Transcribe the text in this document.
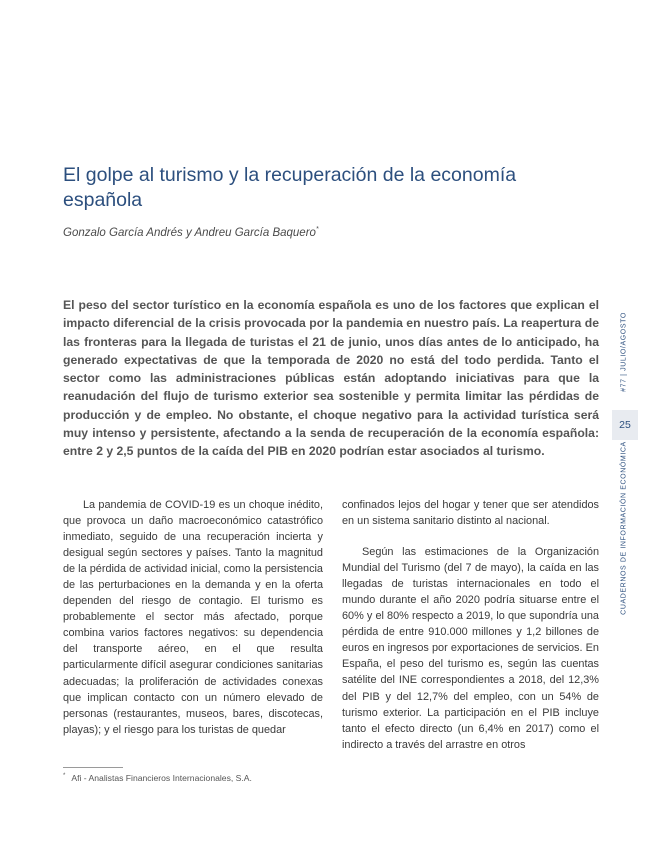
El golpe al turismo y la recuperación de la economía española
Gonzalo García Andrés y Andreu García Baquero*

El peso del sector turístico en la economía española es uno de los factores que explican el impacto diferencial de la crisis provocada por la pandemia en nuestro país. La reapertura de las fronteras para la llegada de turistas el 21 de junio, unos días antes de lo anticipado, ha generado expectativas de que la temporada de 2020 no está del todo perdida. Tanto el sector como las administraciones públicas están adoptando iniciativas para que la reanudación del flujo de turismo exterior sea sostenible y permita limitar las pérdidas de producción y de empleo. No obstante, el choque negativo para la actividad turística será muy intenso y persistente, afectando a la senda de recuperación de la economía española: entre 2 y 2,5 puntos de la caída del PIB en 2020 podrían estar asociados al turismo.

La pandemia de COVID-19 es un choque inédito, que provoca un daño macroeconómico catastrófico inmediato, seguido de una recuperación incierta y desigual según sectores y países. Tanto la magnitud de la pérdida de actividad inicial, como la persistencia de las perturbaciones en la demanda y en la oferta dependen del riesgo de contagio. El turismo es probablemente el sector más afectado, porque combina varios factores negativos: su dependencia del transporte aéreo, en el que resulta particularmente difícil asegurar condiciones sanitarias adecuadas; la proliferación de actividades conexas que implican contacto con un número elevado de personas (restaurantes, museos, bares, discotecas, playas); y el riesgo para los turistas de quedar

confinados lejos del hogar y tener que ser atendidos en un sistema sanitario distinto al nacional.

Según las estimaciones de la Organización Mundial del Turismo (del 7 de mayo), la caída en las llegadas de turistas internacionales en todo el mundo durante el año 2020 podría situarse entre el 60% y el 80% respecto a 2019, lo que supondría una pérdida de entre 910.000 millones y 1,2 billones de euros en ingresos por exportaciones de servicios. En España, el peso del turismo es, según las cuentas satélite del INE correspondientes a 2018, del 12,3% del PIB y del 12,7% del empleo, con un 54% de turismo exterior. La participación en el PIB incluye tanto el efecto directo (un 6,4% en 2017) como el indirecto a través del arrastre en otros

* Afi - Analistas Financieros Internacionales, S.A.
#77 | JULIO/AGOSTO
25
CUADERNOS DE INFORMACIÓN ECONÓMICA
